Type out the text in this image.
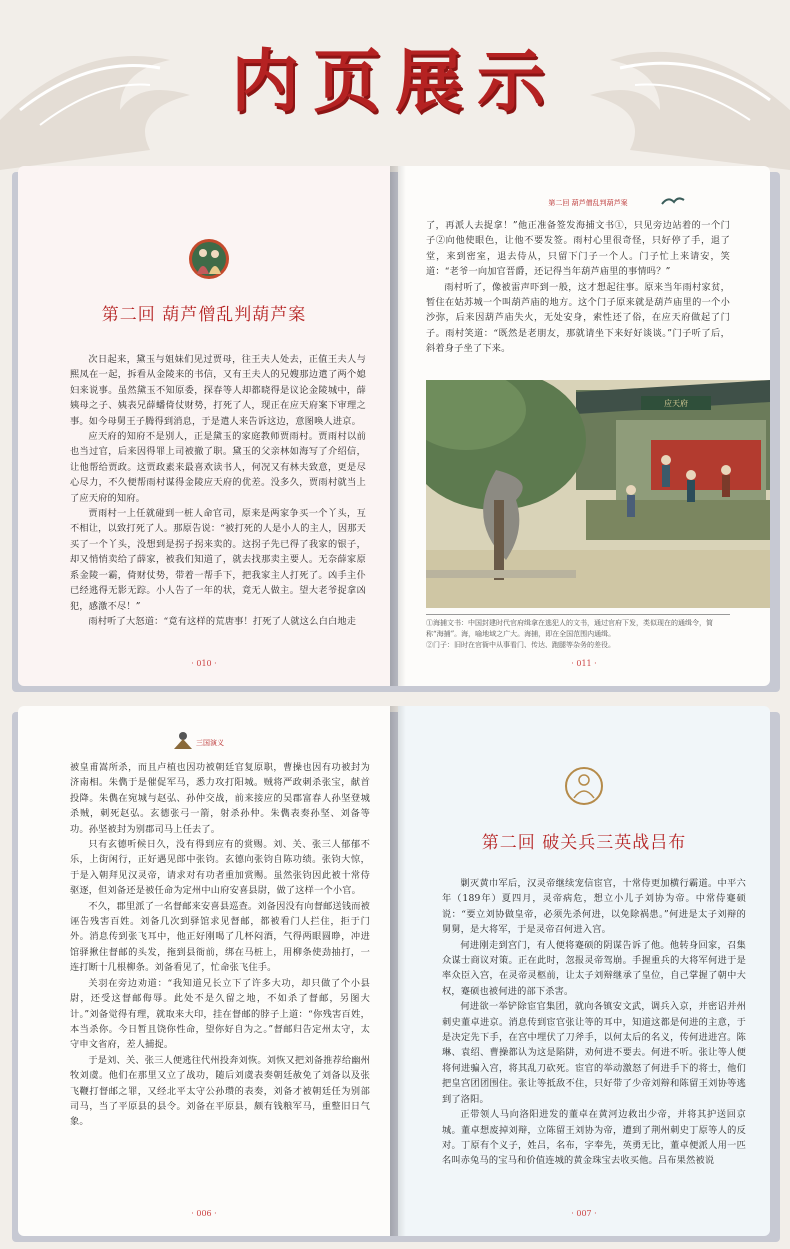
内页展示
第二回 葫芦僧乱判葫芦案

次日起来，黛玉与姐妹们见过贾母，往王夫人处去，正值王夫人与熙凤在一起，拆看从金陵来的书信，又有王夫人的兄嫂那边遣了两个媳妇来说事。虽然黛玉不知原委，探春等人却都晓得是议论金陵城中，薛姨母之子、姨表兄薛蟠倚仗财势，打死了人，现正在应天府案下审理之事。如今母舅王子腾得到消息，于是遣人来告诉这边，意图唤人进京。

应天府的知府不是别人，正是黛玉的家庭教师贾雨村。贾雨村以前也当过官，后来因得罪上司被撤了职。黛玉的父亲林如海写了介绍信，让他帮给贾政。这贾政素来最喜欢读书人，何况又有林夫致意，更是尽心尽力，不久便帮雨村谋得金陵应天府的优差。没多久，贾雨村就当上了应天府的知府。

贾雨村一上任就碰到一桩人命官司，原来是两家争买一个丫头，互不相让，以致打死了人。那原告说：“被打死的人是小人的主人，因那天买了一个丫头，没想到是拐子拐来卖的。这拐子先已得了我家的银子，却又悄悄卖给了薛家，被我们知道了，就去找那卖主要人。无奈薛家原系金陵一霸，倚财仗势，带着一帮手下，把我家主人打死了。凶手主仆已经逃得无影无踪。小人告了一年的状，竟无人做主。望大老爷捉拿凶犯，感激不尽！”

雨村听了大怒道：“竟有这样的荒唐事！打死了人就这么白白地走

· 010 ·
第二回 葫芦僧乱判葫芦案

了，再派人去捉拿！”他正准备签发海捕文书①，只见旁边站着的一个门子②向他使眼色，让他不要发签。雨村心里很奇怪，只好停了手，退了堂，来到密室，退去侍从，只留下门子一个人。门子忙上来请安，笑道：“老爷一向加官晋爵，还记得当年葫芦庙里的事情吗？”

雨村听了，像被雷声吓到一般，这才想起往事。原来当年雨村家贫，暂住在姑苏城一个叫葫芦庙的地方。这个门子原来就是葫芦庙里的一个小沙弥，后来因葫芦庙失火，无处安身，索性还了俗，在应天府做起了门子。雨村笑道：“既然是老朋友，那就请坐下来好好谈谈。”门子听了后，斜着身子坐了下来。

应天府
①海捕文书：中国封建时代官府缉拿在逃犯人的文书，通过官府下发，类似现在的通缉令，简称“海捕”。海，喻地域之广大。海捕，即在全国范围内通缉。
②门子：旧时在官衙中从事看门、传达、跑腿等杂务的差役。
· 011 ·
三国演义

被皇甫嵩所杀，而且卢植也因功被朝廷官复原职，曹操也因有功被封为济南相。朱儁于是催促军马，悉力攻打阳城。贼将严政刺杀张宝，献首投降。朱儁在宛城与赵弘、孙仲交战，前来接应的吴郡富春人孙坚登城杀贼，刺死赵弘。玄德张弓一箭，射杀孙仲。朱儁表奏孙坚、刘备等功。孙坚被封为别郡司马上任去了。

只有玄德听候日久，没有得到应有的赏赐。刘、关、张三人郁郁不乐，上街闲行，正好遇见郎中张钧。玄德向张钧自陈功绩。张钧大惊，于是入朝拜见汉灵帝，请求对有功者重加赏赐。虽然张钧因此被十常侍驱逐，但刘备还是被任命为定州中山府安喜县尉，做了这样一个小官。

不久，郡里派了一名督邮来安喜县巡查。刘备因没有向督邮送钱而被诬告残害百姓。刘备几次到驿馆求见督邮，都被看门人拦住，拒于门外。消息传到张飞耳中，他正好刚喝了几杯闷酒，气得两眼圆睁，冲进馆驿揪住督邮的头发，拖到县衙前，绑在马桩上，用柳条使劲抽打，一连打断十几根柳条。刘备看见了，忙命张飞住手。

关羽在旁边劝道：“我知道兄长立下了许多大功，却只做了个小县尉，还受这督邮侮辱。此处不是久留之地，不如杀了督邮，另图大计。”刘备觉得有理，就取来大印，挂在督邮的脖子上道：“你残害百姓，本当杀你。今日暂且饶你性命，望你好自为之。”督邮归告定州太守，太守申文省府，差人捕捉。

于是刘、关、张三人便逃往代州投奔刘恢。刘恢又把刘备推荐给幽州牧刘虞。他们在那里又立了战功，随后刘虞表奏朝廷赦免了刘备以及张飞鞭打督邮之罪，又经北平太守公孙瓒的表奏，刘备才被朝廷任为别部司马，当了平原县的县令。刘备在平原县，颇有钱粮军马，重整旧日气象。

· 006 ·
第二回 破关兵三英战吕布

剿灭黄巾军后，汉灵帝继续宠信宦官，十常侍更加横行霸道。中平六年（189年）夏四月，灵帝病危，想立小儿子刘协为帝。中常侍蹇硕说：“要立刘协做皇帝，必须先杀何进，以免除祸患。”何进是太子刘辩的舅舅，是大将军，于是灵帝召何进入宫。

何进刚走到宫门，有人便将蹇硕的阴谋告诉了他。他转身回家，召集众谋士商议对策。正在此时，忽报灵帝驾崩。手握重兵的大将军何进于是率众臣入宫，在灵帝灵柩前，让太子刘辩继承了皇位，自己掌握了朝中大权，蹇硕也被何进的部下杀害。

何进欲一举铲除宦官集团，就向各镇安文武，调兵入京，并密诏并州刺史董卓进京。消息传到宦官张让等的耳中，知道这都是何进的主意，于是决定先下手，在宫中埋伏了刀斧手，以何太后的名义，传何进进宫。陈琳、袁绍、曹操都认为这是陷阱，劝何进不要去。何进不听。张让等人便将何进骗入宫，将其乱刀砍死。宦官的举动激怒了何进手下的将士，他们把皇宫团团围住。张让等抵敌不住，只好带了少帝刘辩和陈留王刘协等逃到了洛阳。

正带领人马向洛阳进发的董卓在黄河边救出少帝，并将其护送回京城。董卓想废掉刘辩，立陈留王刘协为帝，遭到了荆州刺史丁原等人的反对。丁原有个义子，姓吕，名布，字奉先，英勇无比，董卓便派人用一匹名叫赤兔马的宝马和价值连城的黄金珠宝去收买他。吕布果然被说

· 007 ·
